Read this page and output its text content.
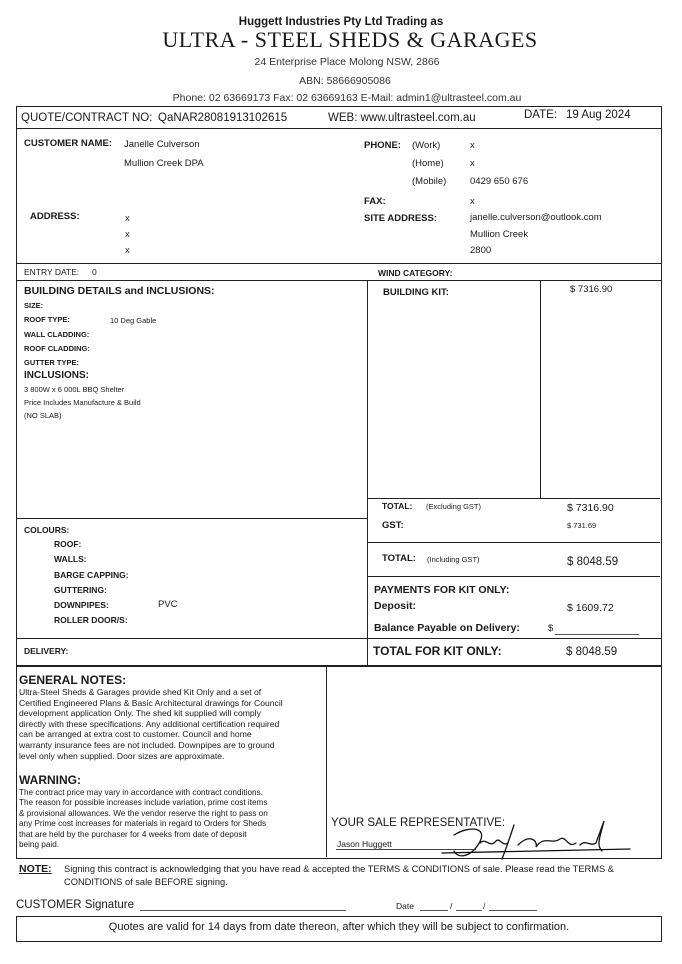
Huggett Industries Pty Ltd Trading as
ULTRA - STEEL SHEDS & GARAGES
24 Enterprise Place Molong NSW, 2866
ABN: 58666905086
Phone: 02 63669173 Fax: 02 63669163 E-Mail: admin1@ultrasteel.com.au
QUOTE/CONTRACT NO: QaNAR28081913102615	WEB: www.ultrasteel.com.au	DATE: 19 Aug 2024
CUSTOMER NAME: Janelle Culverson
Mullion Creek DPA
ADDRESS:	x
x
x
PHONE: (Work)	x
(Home)	x
(Mobile) 0429 650 676
FAX:	x
SITE ADDRESS:	janelle.culverson@outlook.com
Mullion Creek
2800
ENTRY DATE: 0	WIND CATEGORY:
BUILDING DETAILS and INCLUSIONS:
SIZE:
ROOF TYPE:	10 Deg Gable
WALL CLADDING:
ROOF CLADDING:
GUTTER TYPE:
INCLUSIONS:
3 800W x 6 000L BBQ Shelter
Price Includes Manufacture & Build
(NO SLAB)
BUILDING KIT:	$ 7316.90
TOTAL: (Excluding GST)	$ 7316.90
GST:	$ 731.69
TOTAL: (Including GST)	$ 8048.59
COLOURS:
ROOF:
WALLS:
BARGE CAPPING:
GUTTERING:
DOWNPIPES:	PVC
ROLLER DOOR/S:
PAYMENTS FOR KIT ONLY:
Deposit:	$ 1609.72
Balance Payable on Delivery:	$
DELIVERY:	TOTAL FOR KIT ONLY:	$ 8048.59
GENERAL NOTES:
Ultra-Steel Sheds & Garages provide shed Kit Only and a set of
Certified Engineered Plans & Basic Architectural drawings for Council
development application Only. The shed kit supplied will comply
directly with these specifications. Any additional certification required
can be arranged at extra cost to customer. Council and home
warranty insurance fees are not included. Downpipes are to ground
level only when supplied. Door sizes are approximate.
WARNING:
The contract price may vary in accordance with contract conditions.
The reason for possible increases include variation, prime cost items
& provisional allowances. We the vendor reserve the right to pass on
any Prime cost increases for materials in regard to Orders for Sheds
that are held by the purchaser for 4 weeks from date of deposit
being paid.
YOUR SALE REPRESENTATIVE:
Jason Huggett
NOTE: Signing this contract is acknowledging that you have read & accepted the TERMS & CONDITIONS of sale. Please read the TERMS &
CONDITIONS of sale BEFORE signing.
CUSTOMER Signature	Date	/	/
Quotes are valid for 14 days from date thereon, after which they will be subject to confirmation.
